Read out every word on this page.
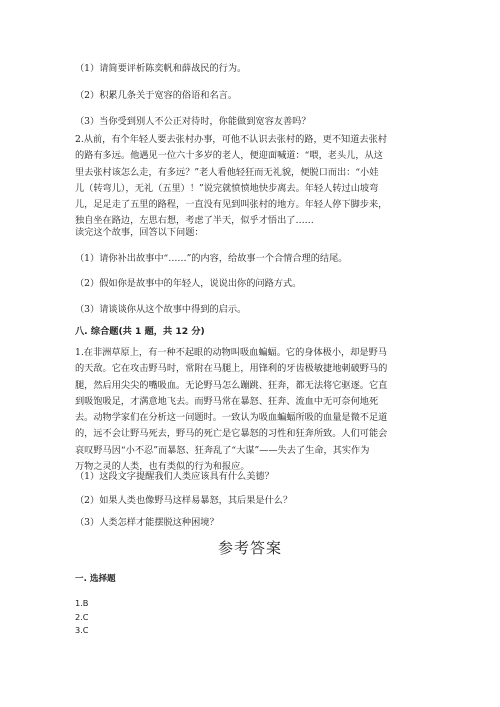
（1）请简要评析陈奕帆和薛战民的行为。
（2）积累几条关于宽容的俗语和名言。
（3）当你受到别人不公正对待时，你能做到宽容友善吗？
2.从前，有个年轻人要去张村办事，可他不认识去张村的路，更不知道去张村
的路有多远。他遇见一位六十多岁的老人，便迎面喊道：“喂，老头儿，从这
里去张村该怎么走，有多远？”老人看他轻狂而无礼貌，便脱口而出：“小娃
儿（转弯儿），无礼（五里）！”说完就愤愤地快步离去。年轻人转过山坡弯
儿，足足走了五里的路程，一直没有见到叫张村的地方。年轻人停下脚步来，
独自坐在路边，左思右想，考虑了半天，似乎才悟出了……
读完这个故事，回答以下问题：
（1）请你补出故事中“……”的内容，给故事一个合情合理的结尾。
（2）假如你是故事中的年轻人，说说出你的问路方式。
（3）请谈谈你从这个故事中得到的启示。
八. 综合题(共 1 题，共 12 分)
1.在非洲草原上，有一种不起眼的动物叫吸血蝙蝠。它的身体极小，却是野马
的天敌。它在攻击野马时，常附在马腿上，用锋利的牙齿极敏捷地刺破野马的
腿，然后用尖尖的嘴吸血。无论野马怎么蹦跳、狂奔，都无法将它驱逐。它直
到吸饱吸足，才满意地飞去。而野马常在暴怒、狂奔、流血中无可奈何地死
去。动物学家们在分析这一问题时。一致认为吸血蝙蝠所吸的血量是微不足道
的，远不会让野马死去，野马的死亡是它暴怒的习性和狂奔所致。人们可能会
哀叹野马因“小不忍”而暴怒、狂奔乱了“大谋”——失去了生命，其实作为
万物之灵的人类，也有类似的行为和报应。
（1）这段文字提醒我们人类应该具有什么美德？
（2）如果人类也像野马这样易暴怒，其后果是什么？
（3）人类怎样才能摆脱这种困境？
参考答案
一. 选择题
1.B
2.C
3.C
